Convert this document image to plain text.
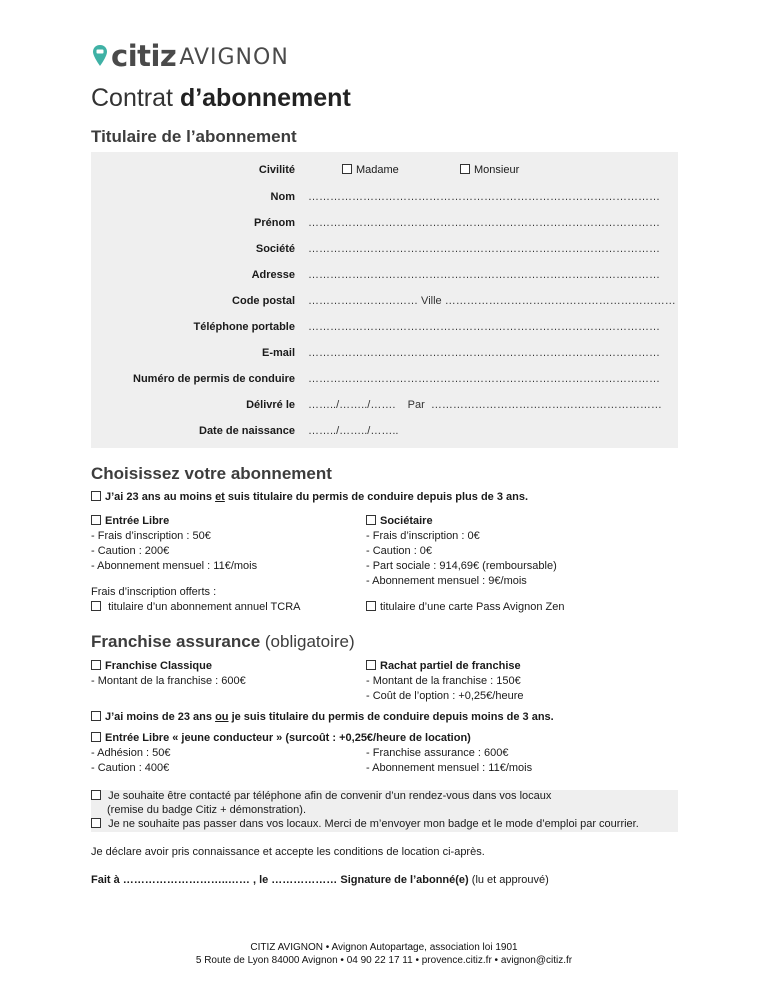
citiz AVIGNON
Contrat d’abonnement
Titulaire de l’abonnement
Civilité	Madame	Monsieur
Nom ……………………………………………………………………………………
Prénom ……………………………………………………………………………………
Société ……………………………………………………………………………………
Adresse ……………………………………………………………………………………
Code postal ………………………… Ville ………………………………………………………
Téléphone portable ……………………………………………………………………………………
E-mail ……………………………………………………………………………………
Numéro de permis de conduire ……………………………………………………………………………………
Délivré le ……../……../…….    Par  ………………………………………………………
Date de naissance ……../……../……..
Choisissez votre abonnement
J’ai 23 ans au moins et suis titulaire du permis de conduire depuis plus de 3 ans.
Entrée Libre
- Frais d’inscription : 50€
- Caution : 200€
- Abonnement mensuel : 11€/mois
Sociétaire
- Frais d’inscription : 0€
- Caution : 0€
- Part sociale : 914,69€ (remboursable)
- Abonnement mensuel : 9€/mois
Frais d’inscription offerts :
titulaire d’un abonnement annuel TCRA	titulaire d’une carte Pass Avignon Zen
Franchise assurance (obligatoire)
Franchise Classique
- Montant de la franchise : 600€
Rachat partiel de franchise
- Montant de la franchise : 150€
- Coût de l’option : +0,25€/heure
J’ai moins de 23 ans ou je suis titulaire du permis de conduire depuis moins de 3 ans.
Entrée Libre « jeune conducteur » (surcoût : +0,25€/heure de location)
- Adhésion : 50€
- Caution : 400€
- Franchise assurance : 600€
- Abonnement mensuel : 11€/mois
Je souhaite être contacté par téléphone afin de convenir d’un rendez-vous dans vos locaux
(remise du badge Citiz + démonstration).
Je ne souhaite pas passer dans vos locaux. Merci de m’envoyer mon badge et le mode d’emploi par courrier.
Je déclare avoir pris connaissance et accepte les conditions de location ci-après.
Fait à ………………………..…… , le ……………… Signature de l’abonné(e) (lu et approuvé)
CITIZ AVIGNON • Avignon Autopartage, association loi 1901
5 Route de Lyon 84000 Avignon • 04 90 22 17 11 • provence.citiz.fr • avignon@citiz.fr
